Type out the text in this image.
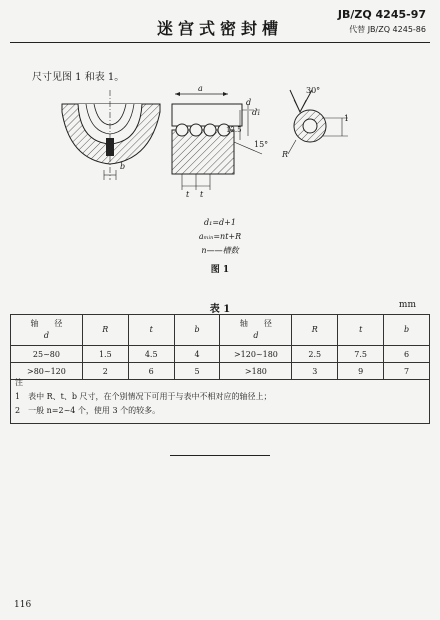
迷宫式密封槽
JB/ZQ 4245-97
代替 JB/ZQ 4245-86
尺寸见图 1 和表 1。
a
d
d₁
30°
15°
12.5
t t
b
R
1
d₁=d+1
aₘᵢₙ=nt+R
n——槽数
图 1
表 1	mm
轴　　径
d	R	t	b	轴　　径
d	R	t	b
25~80	1.5	4.5	4	>120~180	2.5	7.5	6
>80~120	2	6	5	>180	3	9	7
注
1　表中 R、t、b 尺寸，在个别情况下可用于与表中不相对应的轴径上；
2　一般 n=2~4 个，使用 3 个的较多。
116
